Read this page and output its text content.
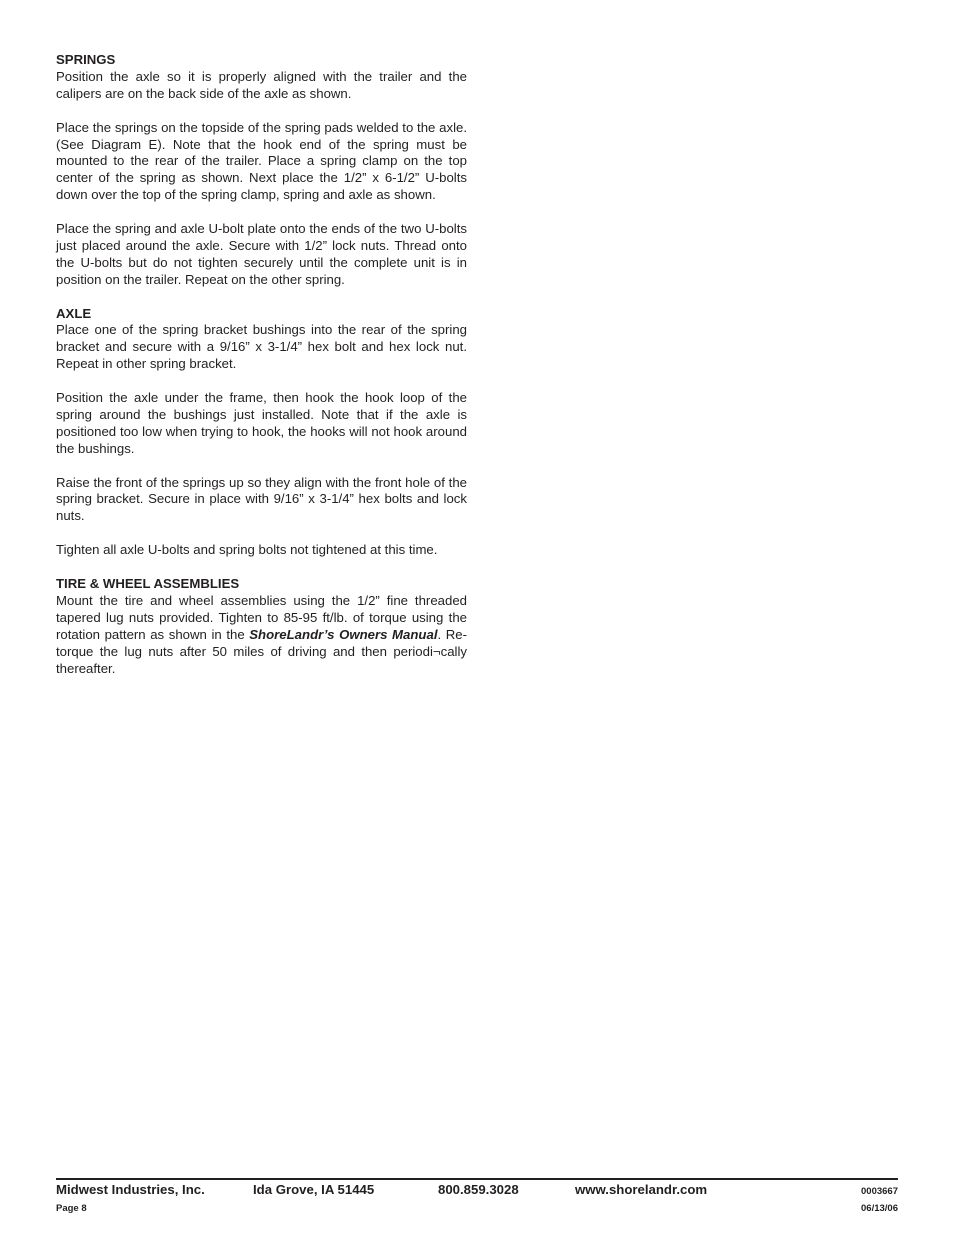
SPRINGS

Position the axle so it is properly aligned with the trailer and the calipers are on the back side of the axle as shown.

Place the springs on the topside of the spring pads welded to the axle. (See Diagram E). Note that the hook end of the spring must be mounted to the rear of the trailer. Place a spring clamp on the top center of the spring as shown. Next place the 1/2” x 6-1/2” U-bolts down over the top of the spring clamp, spring and axle as shown.

Place the spring and axle U-bolt plate onto the ends of the two U-bolts just placed around the axle. Secure with 1/2” lock nuts. Thread onto the U-bolts but do not tighten securely until the complete unit is in position on the trailer. Repeat on the other spring.

AXLE

Place one of the spring bracket bushings into the rear of the spring bracket and secure with a 9/16” x 3-1/4” hex bolt and hex lock nut. Repeat in other spring bracket.

Position the axle under the frame, then hook the hook loop of the spring around the bushings just installed. Note that if the axle is positioned too low when trying to hook, the hooks will not hook around the bushings.

Raise the front of the springs up so they align with the front hole of the spring bracket. Secure in place with 9/16” x 3-1/4” hex bolts and lock nuts.

Tighten all axle U-bolts and spring bolts not tightened at this time.

TIRE & WHEEL ASSEMBLIES

Mount the tire and wheel assemblies using the 1/2” fine threaded tapered lug nuts provided. Tighten to 85-95 ft/lb. of torque using the rotation pattern as shown in the ShoreLandr’s Owners Manual. Re-torque the lug nuts after 50 miles of driving and then periodi¬cally thereafter.

Midwest Industries, Inc.	Ida Grove, IA 51445	800.859.3028	www.shorelandr.com	0003667
Page 8	06/13/06
